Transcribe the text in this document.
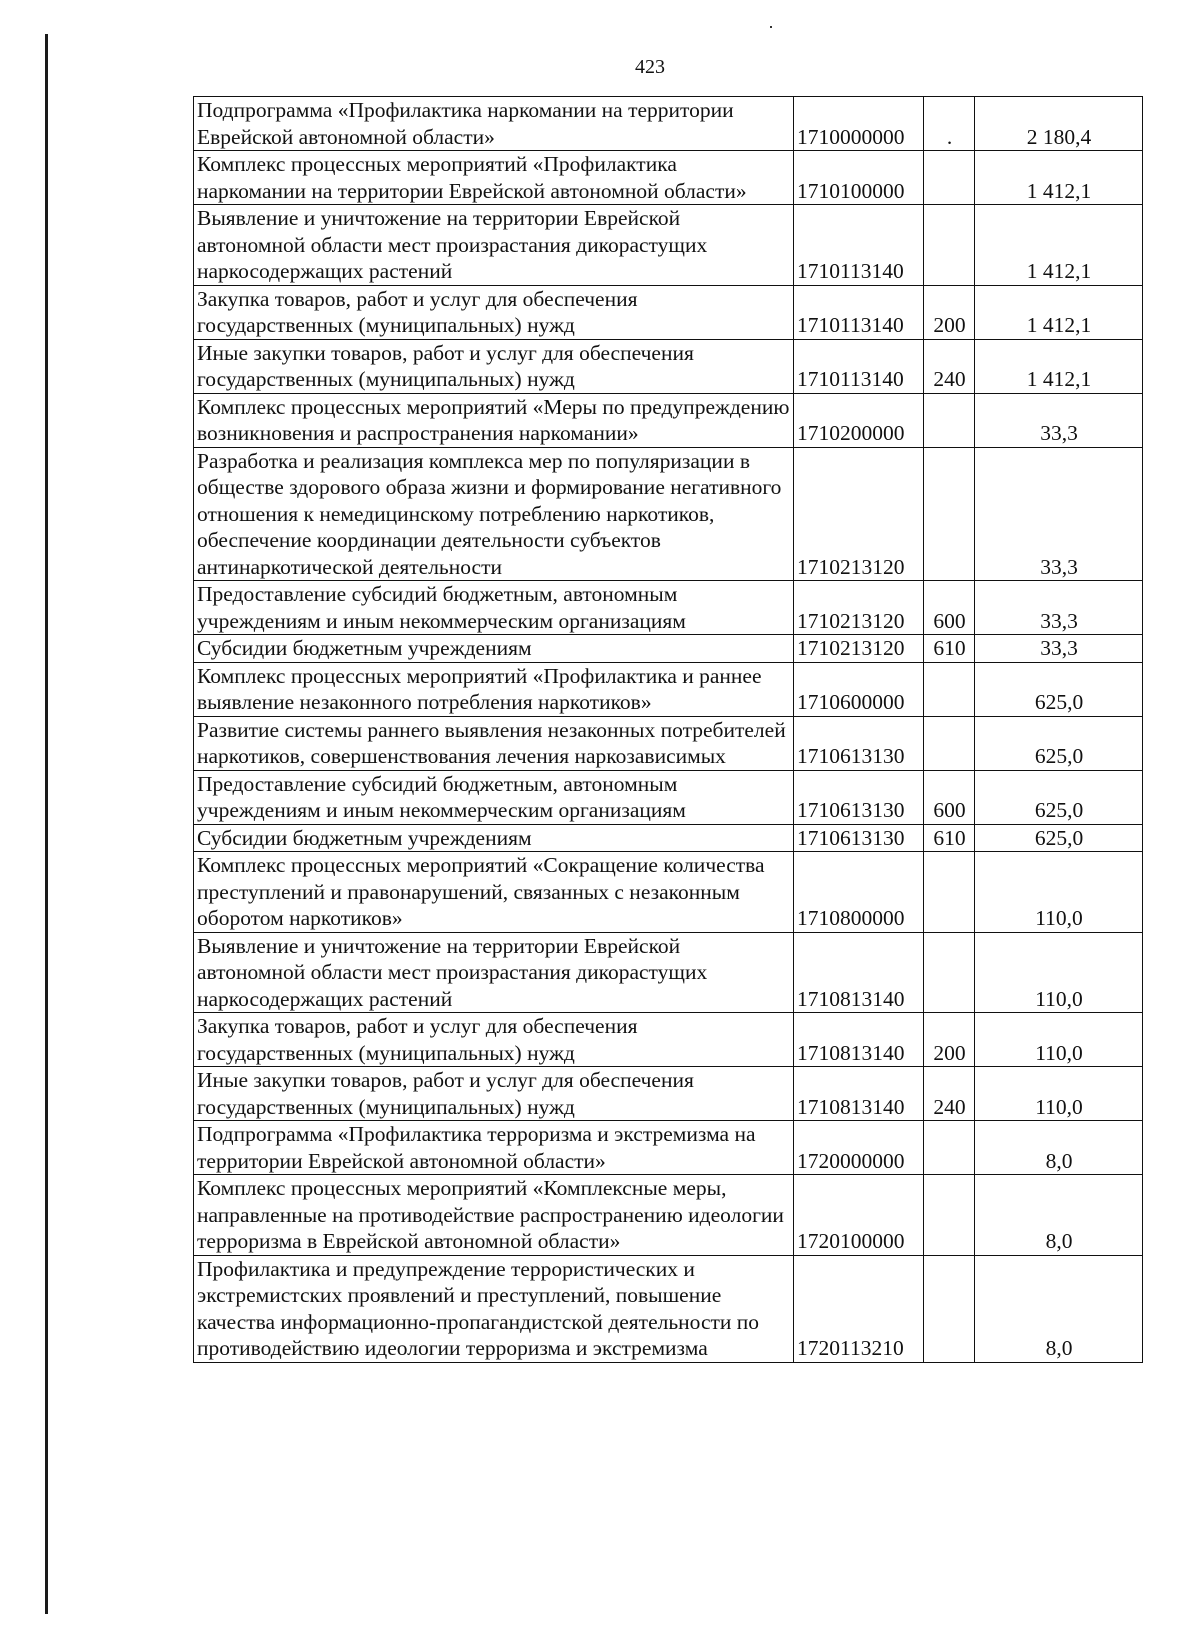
423
Подпрограмма «Профилактика наркомании на территории Еврейской автономной области»	1710000000	.	2 180,4
Комплекс процессных мероприятий «Профилактика наркомании на территории Еврейской автономной области»	1710100000		1 412,1
Выявление и уничтожение на территории Еврейской автономной области мест произрастания дикорастущих наркосодержащих растений	1710113140		1 412,1
Закупка товаров, работ и услуг для обеспечения государственных (муниципальных) нужд	1710113140	200	1 412,1
Иные закупки товаров, работ и услуг для обеспечения государственных (муниципальных) нужд	1710113140	240	1 412,1
Комплекс процессных мероприятий «Меры по предупреждению возникновения и распространения наркомании»	1710200000		33,3
Разработка и реализация комплекса мер по популяризации в обществе здорового образа жизни и формирование негативного отношения к немедицинскому потреблению наркотиков, обеспечение координации деятельности субъектов антинаркотической деятельности	1710213120		33,3
Предоставление субсидий бюджетным, автономным учреждениям и иным некоммерческим организациям	1710213120	600	33,3
Субсидии бюджетным учреждениям	1710213120	610	33,3
Комплекс процессных мероприятий «Профилактика и раннее выявление незаконного потребления наркотиков»	1710600000		625,0
Развитие системы раннего выявления незаконных потребителей наркотиков, совершенствования лечения наркозависимых	1710613130		625,0
Предоставление субсидий бюджетным, автономным учреждениям и иным некоммерческим организациям	1710613130	600	625,0
Субсидии бюджетным учреждениям	1710613130	610	625,0
Комплекс процессных мероприятий «Сокращение количества преступлений и правонарушений, связанных с незаконным оборотом наркотиков»	1710800000		110,0
Выявление и уничтожение на территории Еврейской автономной области мест произрастания дикорастущих наркосодержащих растений	1710813140		110,0
Закупка товаров, работ и услуг для обеспечения государственных (муниципальных) нужд	1710813140	200	110,0
Иные закупки товаров, работ и услуг для обеспечения государственных (муниципальных) нужд	1710813140	240	110,0
Подпрограмма «Профилактика терроризма и экстремизма на территории Еврейской автономной области»	1720000000		8,0
Комплекс процессных мероприятий «Комплексные меры, направленные на противодействие распространению идеологии терроризма в Еврейской автономной области»	1720100000		8,0
Профилактика и предупреждение террористических и экстремистских проявлений и преступлений, повышение качества информационно-пропагандистской деятельности по противодействию идеологии терроризма и экстремизма	1720113210		8,0
